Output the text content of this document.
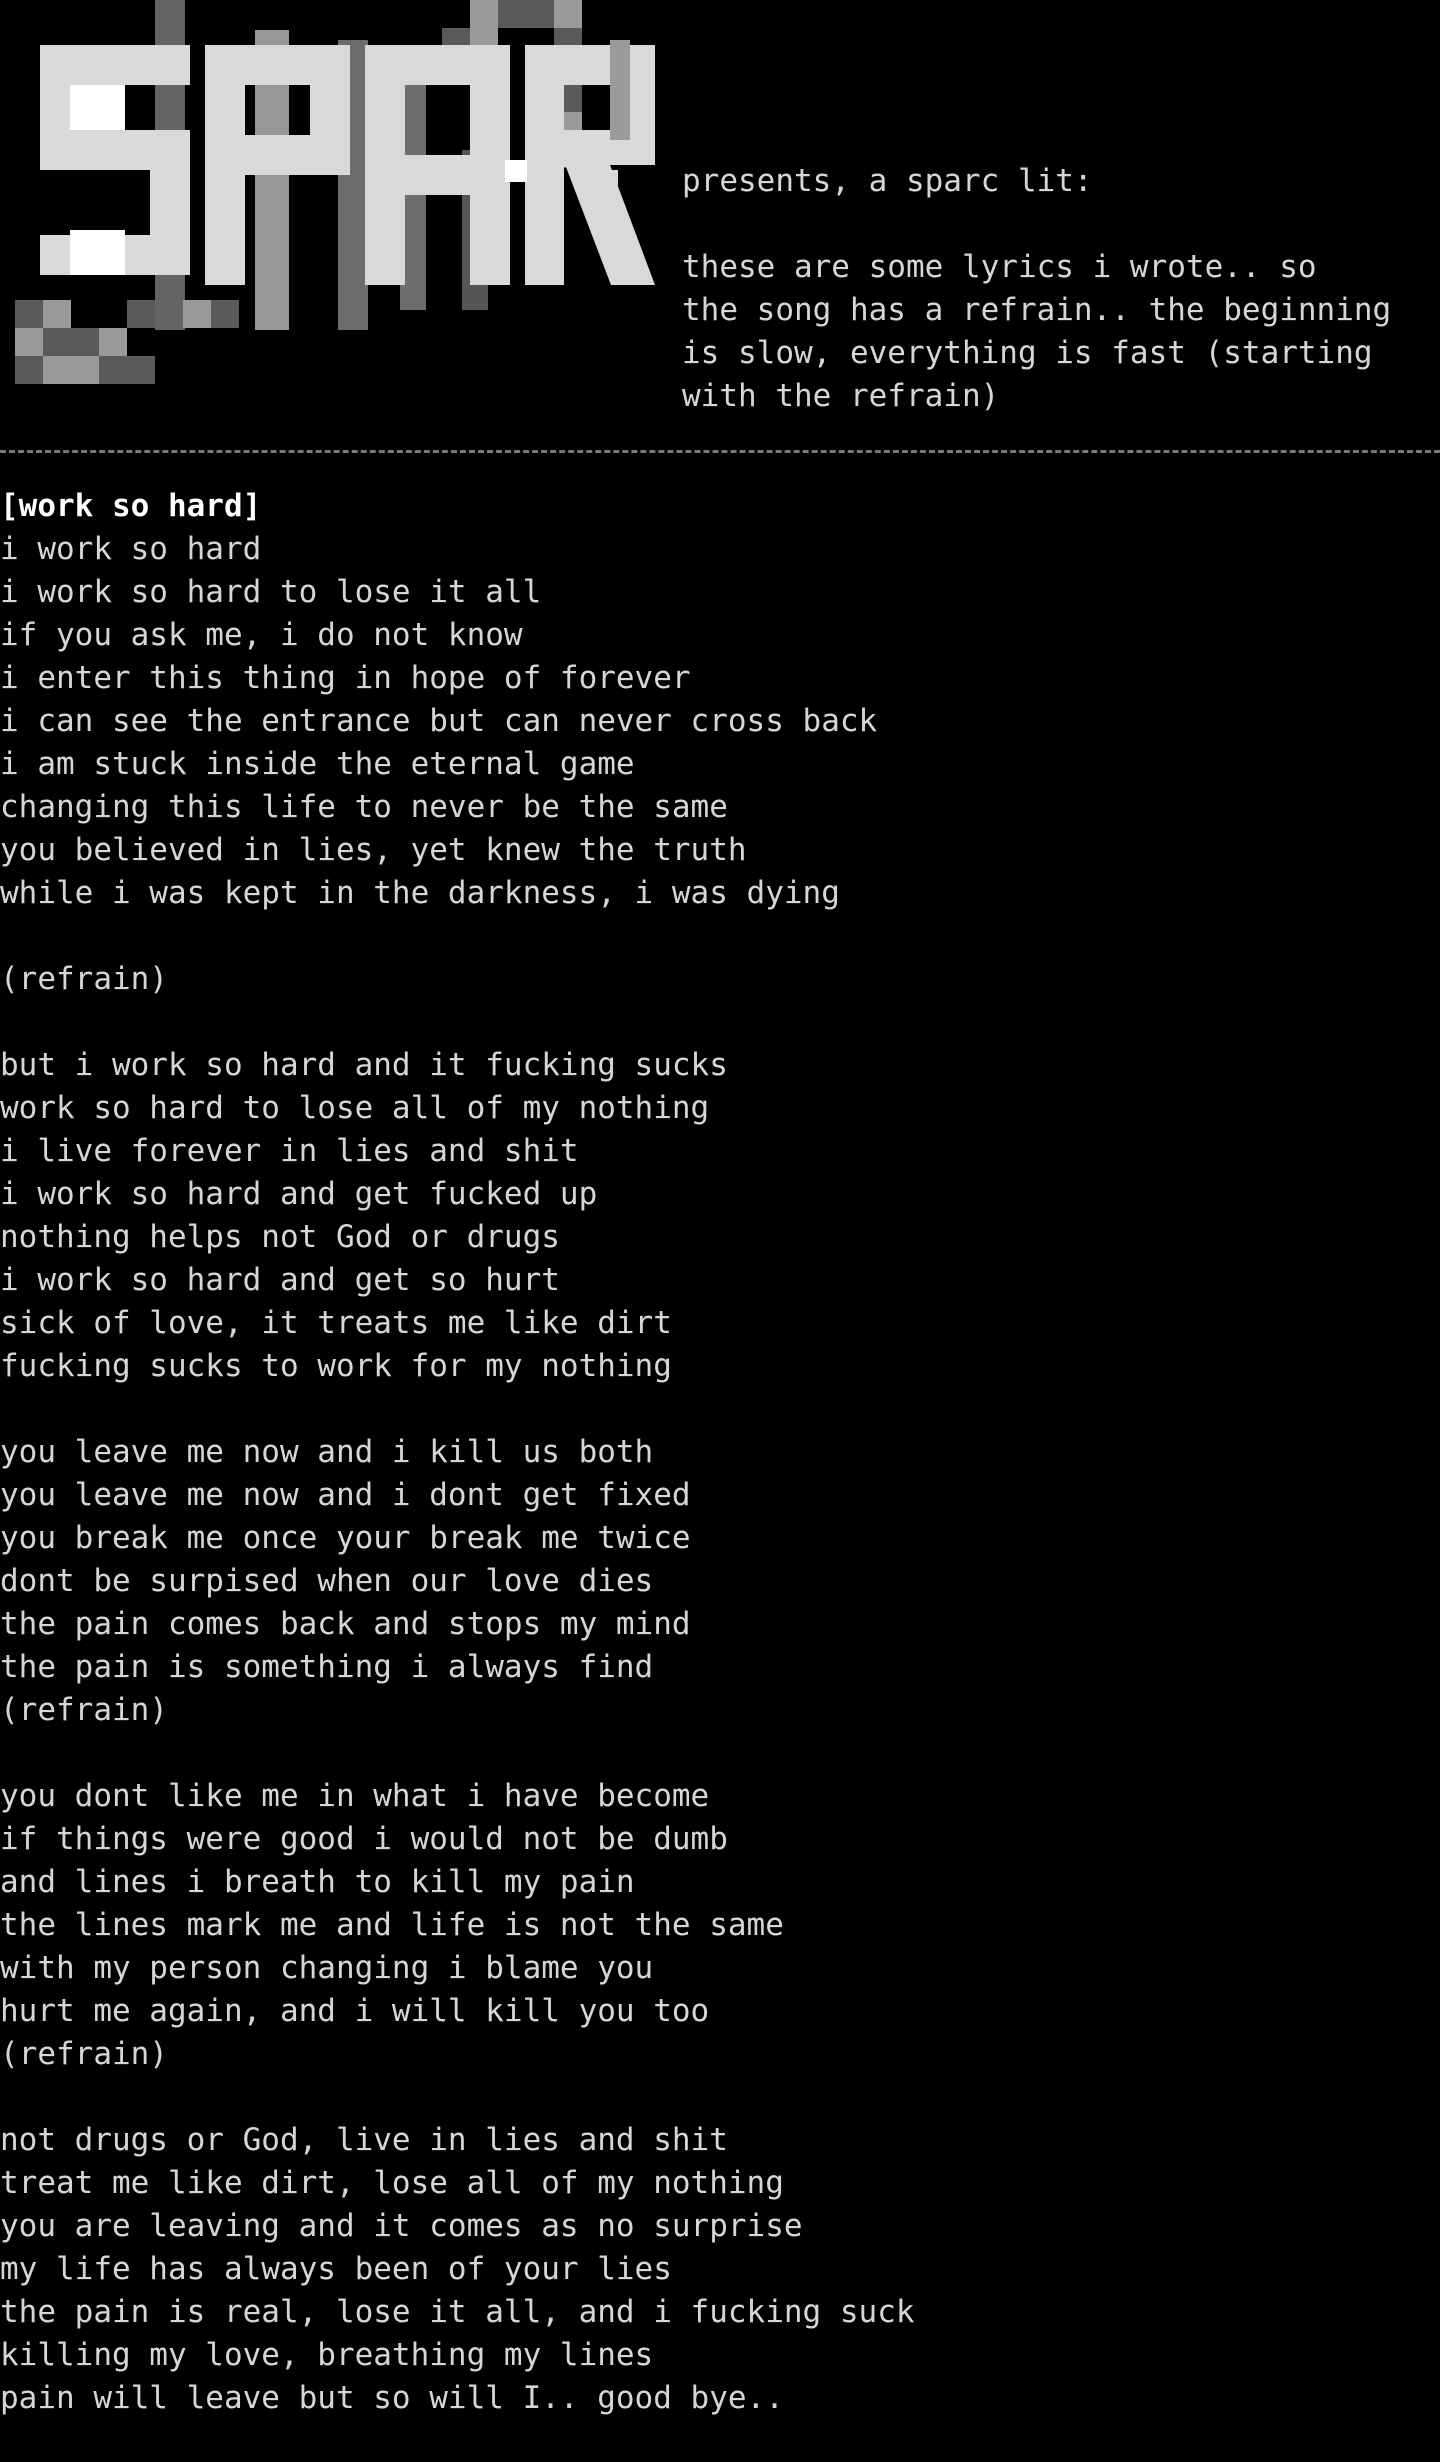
presents, a sparc lit:
these are some lyrics i wrote.. so
the song has a refrain.. the beginning
is slow, everything is fast (starting
with the refrain)
[work so hard]
i work so hard
i work so hard to lose it all
if you ask me, i do not know
i enter this thing in hope of forever
i can see the entrance but can never cross back
i am stuck inside the eternal game
changing this life to never be the same
you believed in lies, yet knew the truth
while i was kept in the darkness, i was dying
(refrain)
but i work so hard and it fucking sucks
work so hard to lose all of my nothing
i live forever in lies and shit
i work so hard and get fucked up
nothing helps not God or drugs
i work so hard and get so hurt
sick of love, it treats me like dirt
fucking sucks to work for my nothing
you leave me now and i kill us both
you leave me now and i dont get fixed
you break me once your break me twice
dont be surpised when our love dies
the pain comes back and stops my mind
the pain is something i always find
(refrain)
you dont like me in what i have become
if things were good i would not be dumb
and lines i breath to kill my pain
the lines mark me and life is not the same
with my person changing i blame you
hurt me again, and i will kill you too
(refrain)
not drugs or God, live in lies and shit
treat me like dirt, lose all of my nothing
you are leaving and it comes as no surprise
my life has always been of your lies
the pain is real, lose it all, and i fucking suck
killing my love, breathing my lines
pain will leave but so will I.. good bye..
